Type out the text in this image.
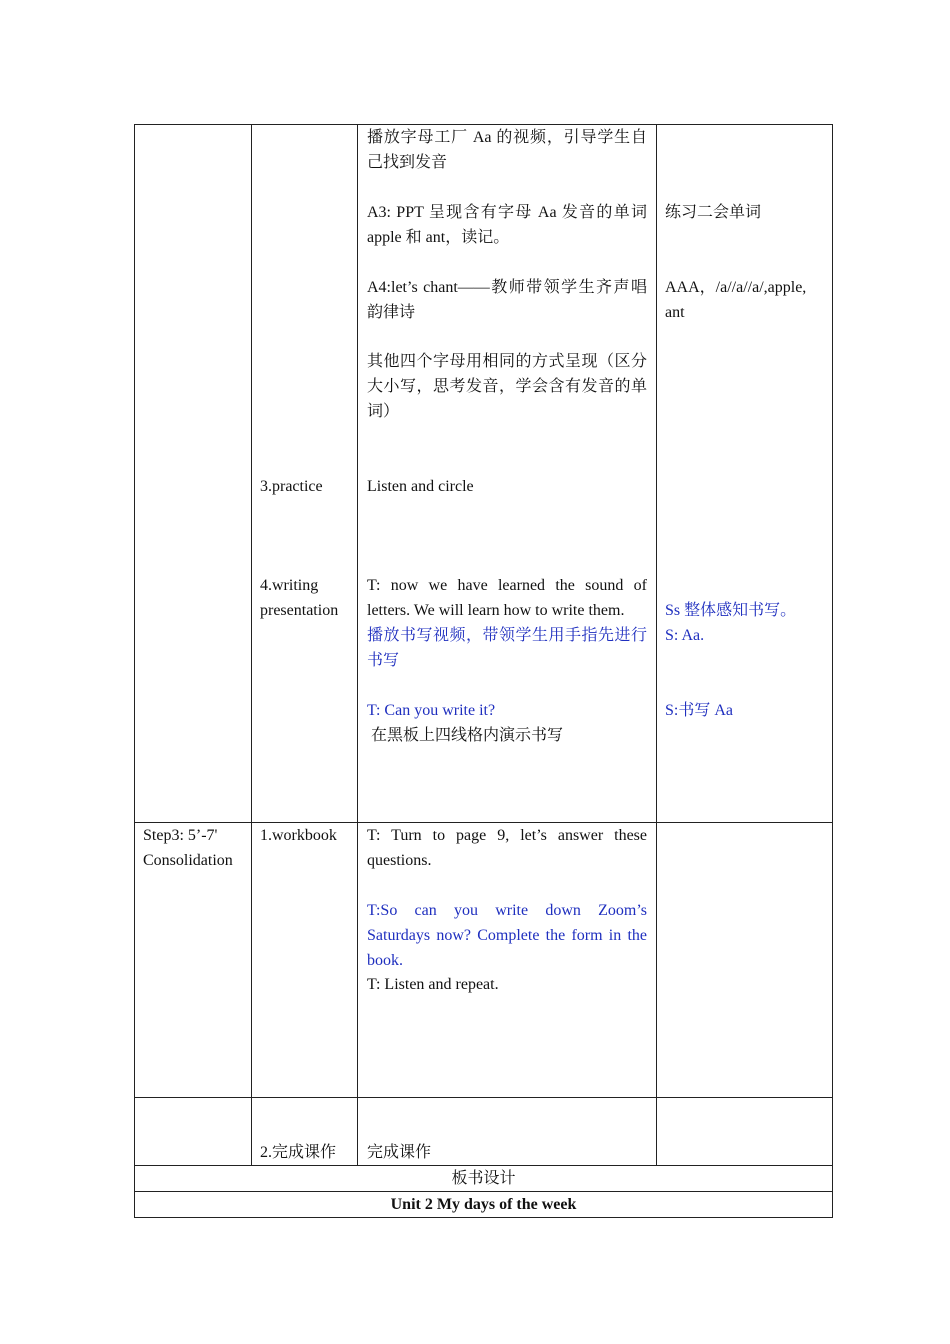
3.practice

4.writing presentation

播放字母工厂 Aa 的视频，引导学生自己找到发音

A3: PPT 呈现含有字母 Aa 发音的单词 apple 和 ant，读记。

A4:let’s chant——教师带领学生齐声唱韵律诗

其他四个字母用相同的方式呈现（区分大小写，思考发音，学会含有发音的单词）

Listen and circle

T: now we have learned the sound of letters. We will learn how to write them.

播放书写视频，带领学生用手指先进行书写

T: Can you write it?

在黑板上四线格内演示书写

练习二会单词

AAA，/a//a//a/,apple, ant

Ss 整体感知书写。

S: Aa.

S:书写 Aa

Step3: 5’-7' Consolidation

1.workbook	T: Turn to page 9, let’s answer these questions.

T:So can you write down Zoom’s Saturdays now? Complete the form in the book.

T: Listen and repeat.

2.完成课作	完成课作

板书设计

Unit 2 My days of the week
